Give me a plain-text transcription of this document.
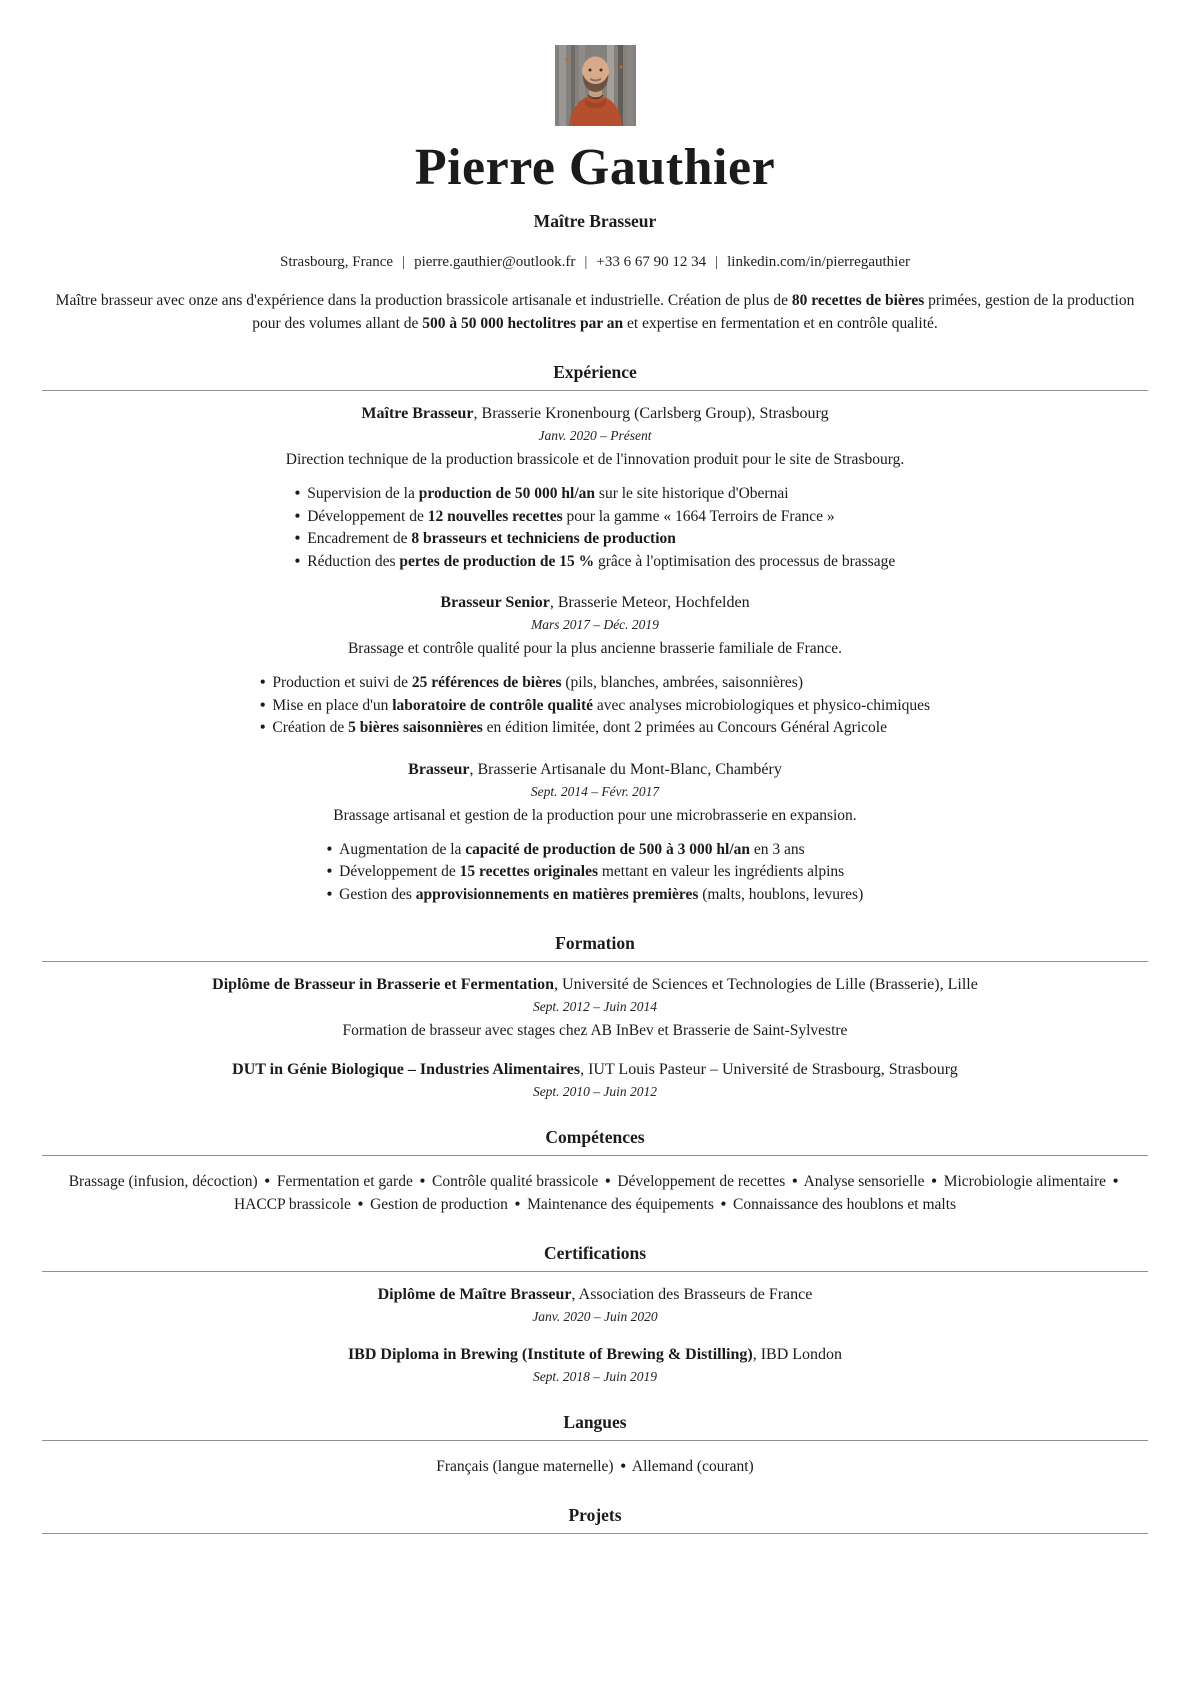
Pierre Gauthier
Maître Brasseur
Strasbourg, France | pierre.gauthier@outlook.fr | +33 6 67 90 12 34 | linkedin.com/in/pierregauthier

Maître brasseur avec onze ans d'expérience dans la production brassicole artisanale et industrielle. Création de plus de 80 recettes de bières primées, gestion de la production pour des volumes allant de 500 à 50 000 hectolitres par an et expertise en fermentation et en contrôle qualité.

Expérience
Maître Brasseur, Brasserie Kronenbourg (Carlsberg Group), Strasbourg
Janv. 2020 – Présent
Direction technique de la production brassicole et de l'innovation produit pour le site de Strasbourg.
• Supervision de la production de 50 000 hl/an sur le site historique d'Obernai
• Développement de 12 nouvelles recettes pour la gamme « 1664 Terroirs de France »
• Encadrement de 8 brasseurs et techniciens de production
• Réduction des pertes de production de 15 % grâce à l'optimisation des processus de brassage
Brasseur Senior, Brasserie Meteor, Hochfelden
Mars 2017 – Déc. 2019
Brassage et contrôle qualité pour la plus ancienne brasserie familiale de France.
• Production et suivi de 25 références de bières (pils, blanches, ambrées, saisonnières)
• Mise en place d'un laboratoire de contrôle qualité avec analyses microbiologiques et physico-chimiques
• Création de 5 bières saisonnières en édition limitée, dont 2 primées au Concours Général Agricole
Brasseur, Brasserie Artisanale du Mont-Blanc, Chambéry
Sept. 2014 – Févr. 2017
Brassage artisanal et gestion de la production pour une microbrasserie en expansion.
• Augmentation de la capacité de production de 500 à 3 000 hl/an en 3 ans
• Développement de 15 recettes originales mettant en valeur les ingrédients alpins
• Gestion des approvisionnements en matières premières (malts, houblons, levures)
Formation
Diplôme de Brasseur in Brasserie et Fermentation, Université de Sciences et Technologies de Lille (Brasserie), Lille
Sept. 2012 – Juin 2014
Formation de brasseur avec stages chez AB InBev et Brasserie de Saint-Sylvestre
DUT in Génie Biologique – Industries Alimentaires, IUT Louis Pasteur – Université de Strasbourg, Strasbourg
Sept. 2010 – Juin 2012
Compétences

Brassage (infusion, décoction) • Fermentation et garde • Contrôle qualité brassicole • Développement de recettes • Analyse sensorielle • Microbiologie alimentaire • HACCP brassicole • Gestion de production • Maintenance des équipements • Connaissance des houblons et malts

Certifications
Diplôme de Maître Brasseur, Association des Brasseurs de France
Janv. 2020 – Juin 2020
IBD Diploma in Brewing (Institute of Brewing & Distilling), IBD London
Sept. 2018 – Juin 2019
Langues

Français (langue maternelle) • Allemand (courant)

Projets
